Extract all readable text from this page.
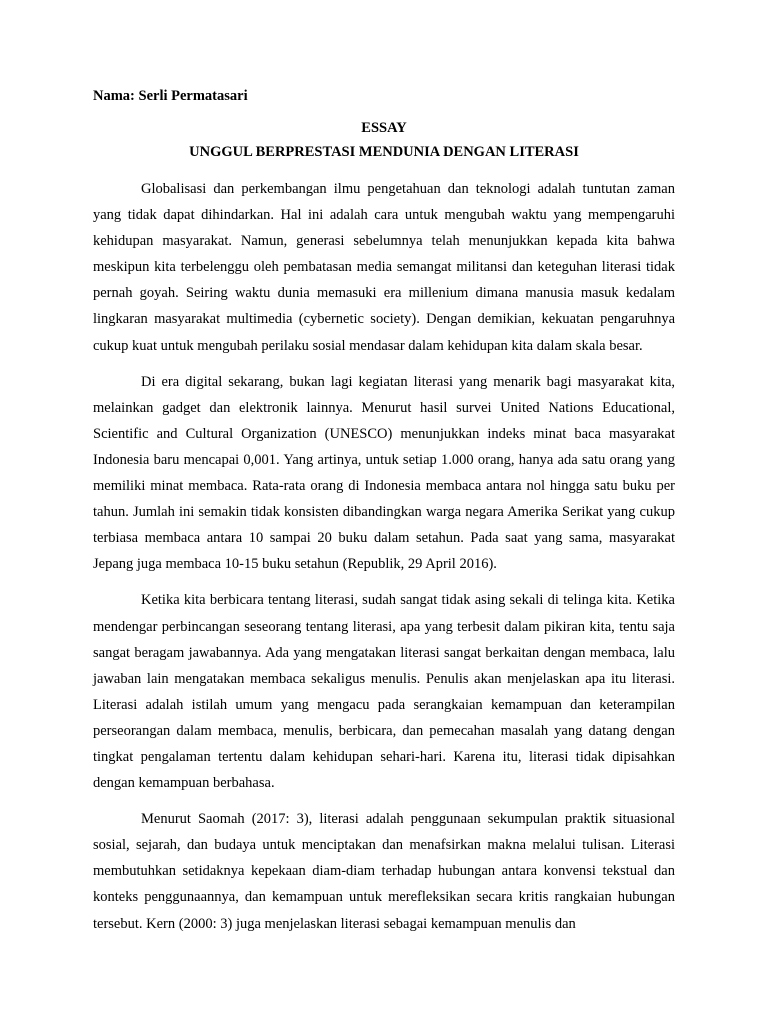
Nama: Serli Permatasari

ESSAY

UNGGUL BERPRESTASI MENDUNIA DENGAN LITERASI

Globalisasi dan perkembangan ilmu pengetahuan dan teknologi adalah tuntutan zaman yang tidak dapat dihindarkan. Hal ini adalah cara untuk mengubah waktu yang mempengaruhi kehidupan masyarakat. Namun, generasi sebelumnya telah menunjukkan kepada kita bahwa meskipun kita terbelenggu oleh pembatasan media semangat militansi dan keteguhan literasi tidak pernah goyah. Seiring waktu dunia memasuki era millenium dimana manusia masuk kedalam lingkaran masyarakat multimedia (cybernetic society). Dengan demikian, kekuatan pengaruhnya cukup kuat untuk mengubah perilaku sosial mendasar dalam kehidupan kita dalam skala besar.

Di era digital sekarang, bukan lagi kegiatan literasi yang menarik bagi masyarakat kita, melainkan gadget dan elektronik lainnya. Menurut hasil survei United Nations Educational, Scientific and Cultural Organization (UNESCO) menunjukkan indeks minat baca masyarakat Indonesia baru mencapai 0,001. Yang artinya, untuk setiap 1.000 orang, hanya ada satu orang yang memiliki minat membaca. Rata-rata orang di Indonesia membaca antara nol hingga satu buku per tahun. Jumlah ini semakin tidak konsisten dibandingkan warga negara Amerika Serikat yang cukup terbiasa membaca antara 10 sampai 20 buku dalam setahun. Pada saat yang sama, masyarakat Jepang juga membaca 10-15 buku setahun (Republik, 29 April 2016).

Ketika kita berbicara tentang literasi, sudah sangat tidak asing sekali di telinga kita. Ketika mendengar perbincangan seseorang tentang literasi, apa yang terbesit dalam pikiran kita, tentu saja sangat beragam jawabannya. Ada yang mengatakan literasi sangat berkaitan dengan membaca, lalu jawaban lain mengatakan membaca sekaligus menulis. Penulis akan menjelaskan apa itu literasi. Literasi adalah istilah umum yang mengacu pada serangkaian kemampuan dan keterampilan perseorangan dalam membaca, menulis, berbicara, dan pemecahan masalah yang datang dengan tingkat pengalaman tertentu dalam kehidupan sehari-hari. Karena itu, literasi tidak dipisahkan dengan kemampuan berbahasa.

Menurut Saomah (2017: 3), literasi adalah penggunaan sekumpulan praktik situasional sosial, sejarah, dan budaya untuk menciptakan dan menafsirkan makna melalui tulisan. Literasi membutuhkan setidaknya kepekaan diam-diam terhadap hubungan antara konvensi tekstual dan konteks penggunaannya, dan kemampuan untuk merefleksikan secara kritis rangkaian hubungan tersebut. Kern (2000: 3) juga menjelaskan literasi sebagai kemampuan menulis dan
